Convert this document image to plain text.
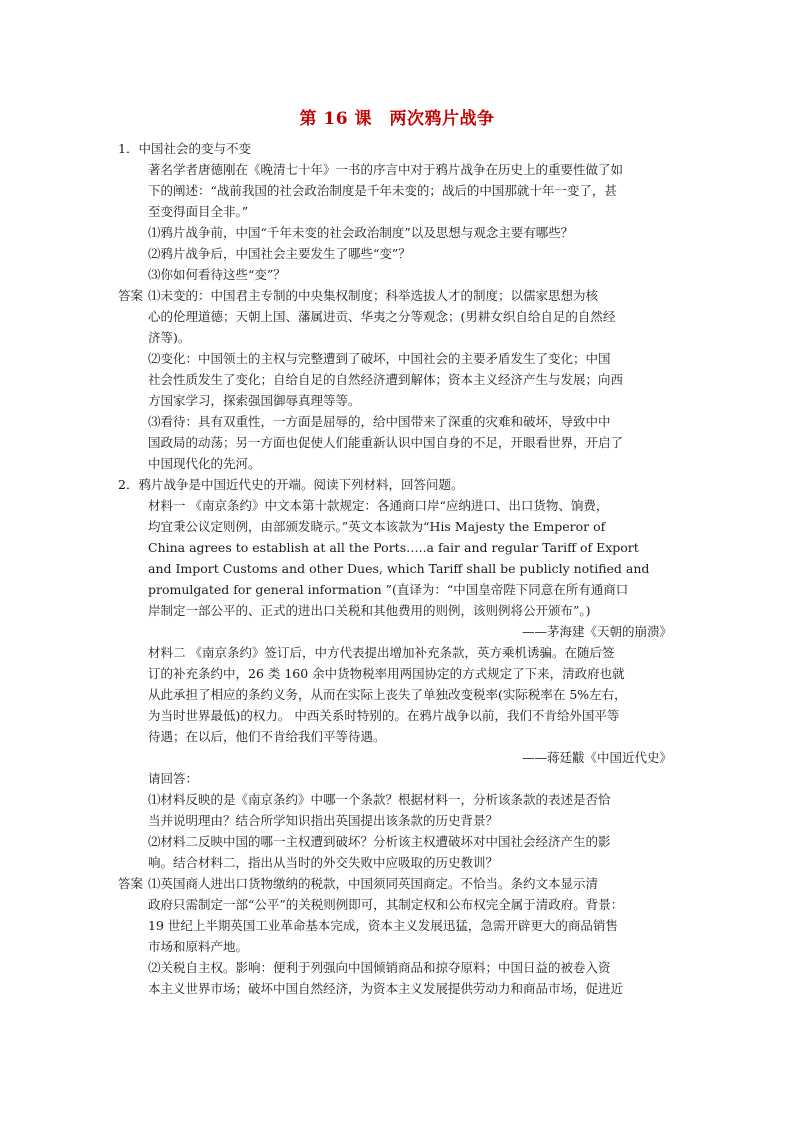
第 16 课　两次鸦片战争
1．中国社会的变与不变
著名学者唐德刚在《晚清七十年》一书的序言中对于鸦片战争在历史上的重要性做了如
下的阐述：“战前我国的社会政治制度是千年未变的；战后的中国那就十年一变了，甚
至变得面目全非。”
⑴鸦片战争前，中国“千年未变的社会政治制度”以及思想与观念主要有哪些？
⑵鸦片战争后，中国社会主要发生了哪些“变”？
⑶你如何看待这些“变”？
答案 ⑴未变的：中国君主专制的中央集权制度；科举选拔人才的制度；以儒家思想为核
心的伦理道德；天朝上国、藩属进贡、华夷之分等观念；(男耕女织自给自足的自然经
济等)。
⑵变化：中国领土的主权与完整遭到了破坏，中国社会的主要矛盾发生了变化；中国
社会性质发生了变化；自给自足的自然经济遭到解体；资本主义经济产生与发展；向西
方国家学习，探索强国御辱真理等等。
⑶看待：具有双重性，一方面是屈辱的，给中国带来了深重的灾难和破坏，导致中中
国政局的动荡；另一方面也促使人们能重新认识中国自身的不足，开眼看世界，开启了
中国现代化的先河。
2．鸦片战争是中国近代史的开端。阅读下列材料，回答问题。
材料一 《南京条约》中文本第十款规定：各通商口岸“应纳进口、出口货物、饷费，
均宜秉公议定则例，由部颁发晓示。”英文本该款为“His Majesty the Emperor of
China agrees to establish at all the Ports…..a fair and regular Tariff of Export
and Import Customs and other Dues, which Tariff shall be publicly notified and
promulgated for general information ”(直译为：“中国皇帝陛下同意在所有通商口
岸制定一部公平的、正式的进出口关税和其他费用的则例，该则例将公开颁布”。)
——茅海建《天朝的崩溃》
材料二 《南京条约》签订后，中方代表提出增加补充条款，英方乘机诱骗。在随后签
订的补充条约中，26 类 160 余中货物税率用两国协定的方式规定了下来，清政府也就
从此承担了相应的条约义务，从而在实际上丧失了单独改变税率(实际税率在 5%左右，
为当时世界最低)的权力。 中西关系时特别的。在鸦片战争以前，我们不肯给外国平等
待遇；在以后，他们不肯给我们平等待遇。
——蒋廷黻《中国近代史》
请回答：
⑴材料反映的是《南京条约》中哪一个条款？根据材料一，分析该条款的表述是否恰
当并说明理由？结合所学知识指出英国提出该条款的历史背景？
⑵材料二反映中国的哪一主权遭到破坏？分析该主权遭破坏对中国社会经济产生的影
响。结合材料二，指出从当时的外交失败中应吸取的历史教训？
答案 ⑴英国商人进出口货物缴纳的税款，中国须同英国商定。不恰当。条约文本显示清
政府只需制定一部“公平”的关税则例即可，其制定权和公布权完全属于清政府。背景：
19 世纪上半期英国工业革命基本完成，资本主义发展迅猛，急需开辟更大的商品销售
市场和原料产地。
⑵关税自主权。影响：便利于列强向中国倾销商品和掠夺原料；中国日益的被卷入资
本主义世界市场；破坏中国自然经济，为资本主义发展提供劳动力和商品市场，促进近
